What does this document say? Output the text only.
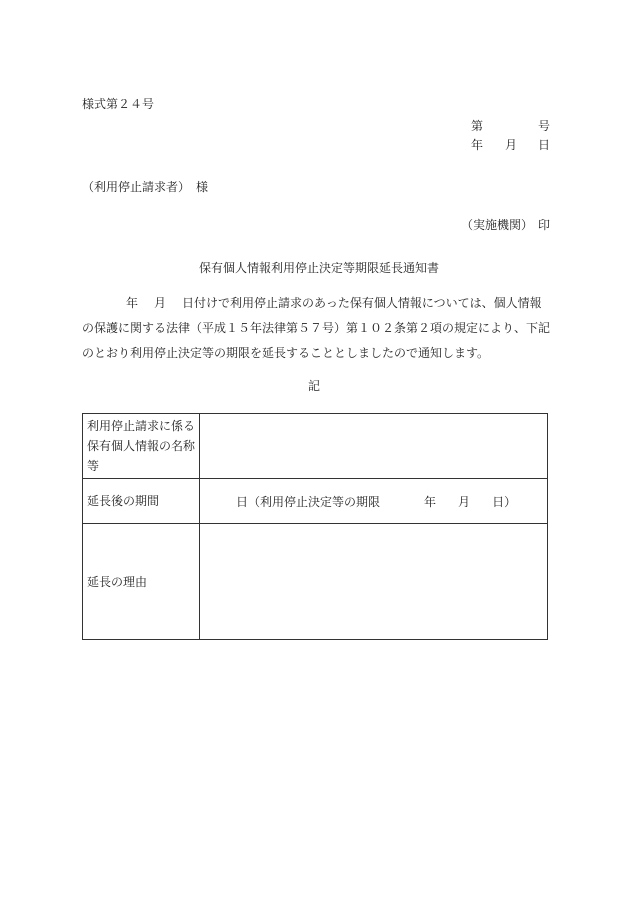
様式第２４号
第	号
年 月 日
（利用停止請求者） 様
（実施機関） 印
保有個人情報利用停止決定等期限延長通知書
年 月 日付けで利用停止請求のあった保有個人情報については、個人情報の保護に関する法律（平成１５年法律第５７号）第１０２条第２項の規定により、下記のとおり利用停止決定等の期限を延長することとしましたので通知します。
記
利用停止請求に係る保有個人情報の名称等	
延長後の期間	日（利用停止決定等の期限 年 月 日）
延長の理由	
